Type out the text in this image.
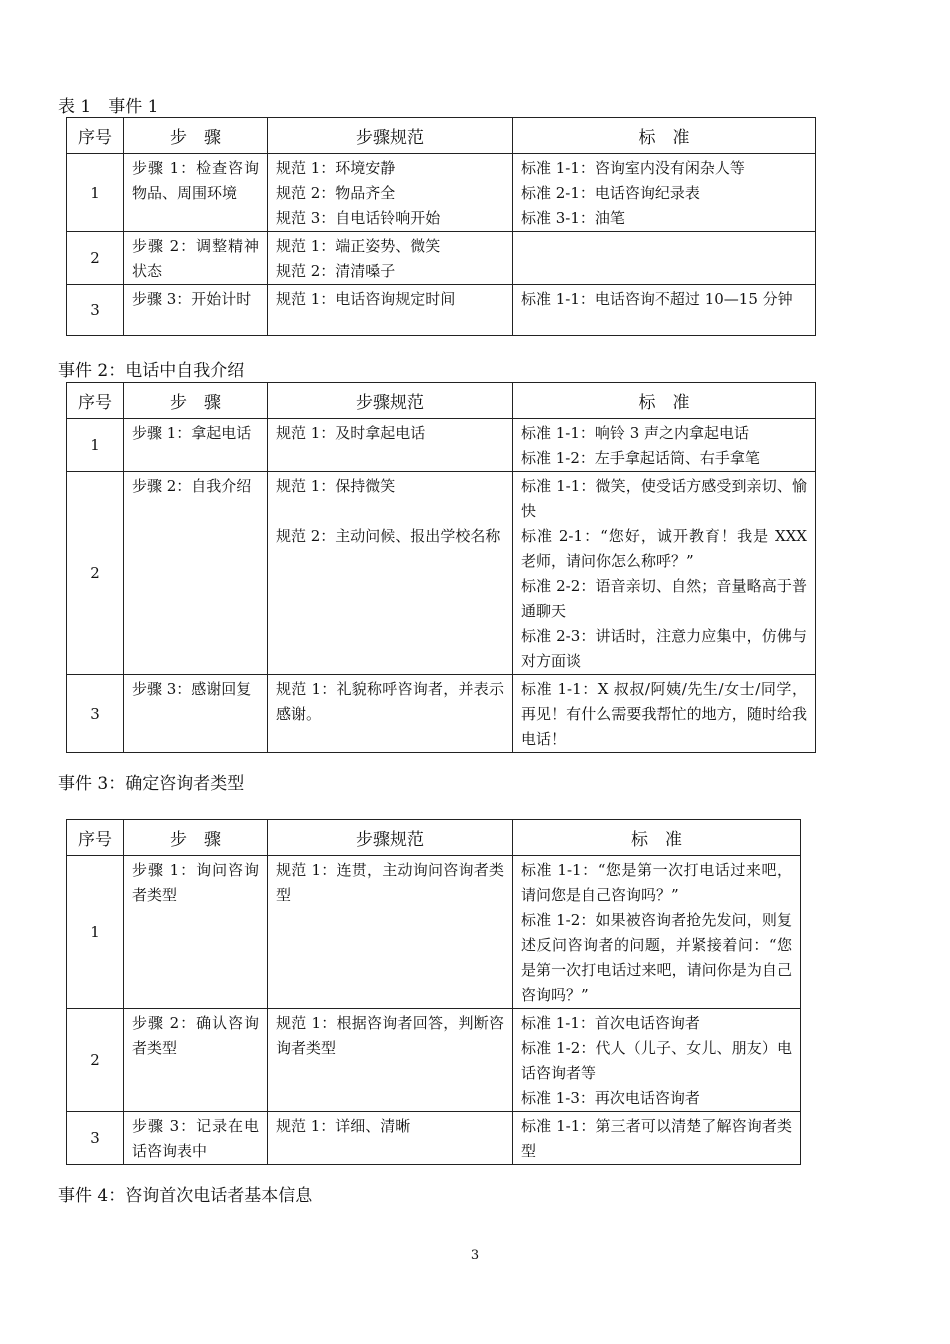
表 1　事件 1
序号	步　骤	步骤规范	标　准
1	步骤 1：检查咨询物品、周围环境	规范 1：环境安静
规范 2：物品齐全
规范 3：自电话铃响开始	标准 1-1：咨询室内没有闲杂人等
标准 2-1：电话咨询纪录表
标准 3-1：油笔

2	步骤 2：调整精神状态	规范 1：端正姿势、微笑
规范 2：清清嗓子	

3	步骤 3：开始计时	规范 1：电话咨询规定时间	标准 1-1：电话咨询不超过 10—15 分钟
事件 2：电话中自我介绍
序号	步　骤	步骤规范	标　准
1	步骤 1：拿起电话	规范 1：及时拿起电话	标准 1-1：响铃 3 声之内拿起电话
标准 1-2：左手拿起话筒、右手拿笔

2	步骤 2：自我介绍	规范 1：保持微笑
规范 2：主动问候、报出学校名称	标准 1-1：微笑，使受话方感受到亲切、愉快
标准 2-1：“您好，诚开教育！我是 XXX 老师，请问你怎么称呼？”
标准 2-2：语音亲切、自然；音量略高于普通聊天
标准 2-3：讲话时，注意力应集中，仿佛与对方面谈

3	步骤 3：感谢回复	规范 1：礼貌称呼咨询者，并表示感谢。	标准 1-1：X 叔叔/阿姨/先生/女士/同学，再见！有什么需要我帮忙的地方，随时给我电话！
事件 3：确定咨询者类型
序号	步　骤	步骤规范	标　准
1	步骤 1：询问咨询者类型	规范 1：连贯，主动询问咨询者类型	标准 1-1：“您是第一次打电话过来吧，请问您是自己咨询吗？”
标准 1-2：如果被咨询者抢先发问，则复述反问咨询者的问题，并紧接着问：“您是第一次打电话过来吧，请问你是为自己咨询吗？”

2	步骤 2：确认咨询者类型	规范 1：根据咨询者回答，判断咨询者类型	标准 1-1：首次电话咨询者
标准 1-2：代人（儿子、女儿、朋友）电话咨询者等
标准 1-3：再次电话咨询者

3	步骤 3：记录在电话咨询表中	规范 1：详细、清晰	标准 1-1：第三者可以清楚了解咨询者类型
事件 4：咨询首次电话者基本信息
3
